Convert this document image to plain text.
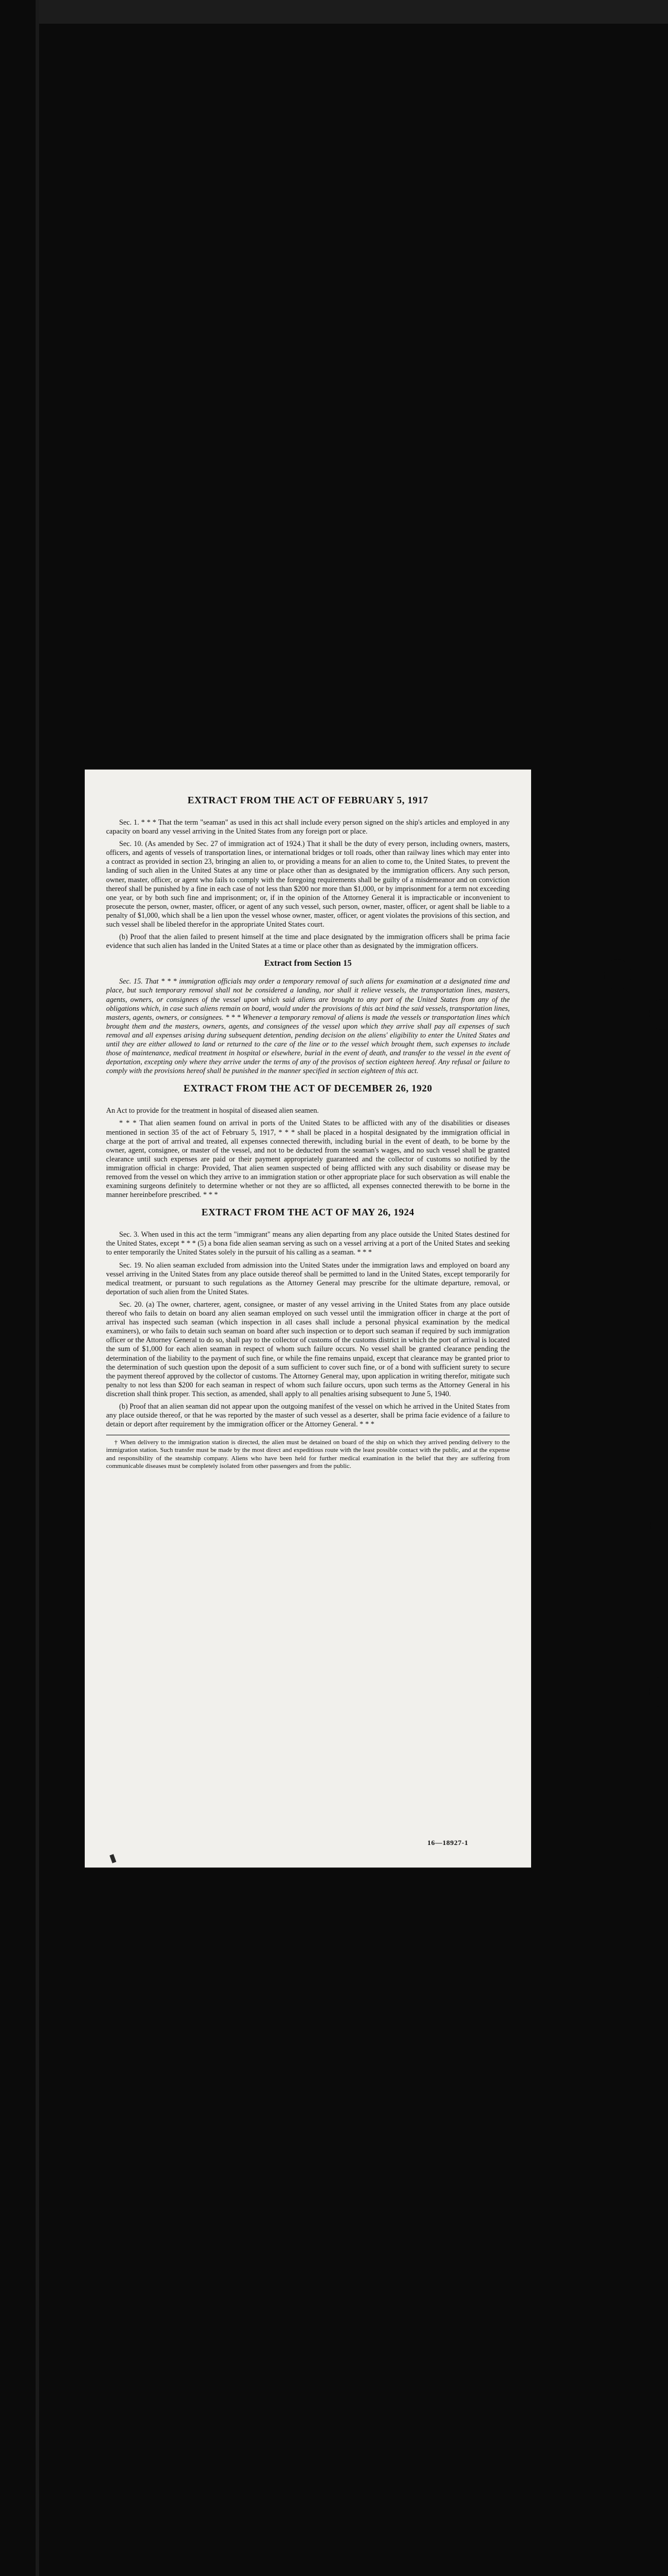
EXTRACT FROM THE ACT OF FEBRUARY 5, 1917

Sec. 1. * * * That the term "seaman" as used in this act shall include every person signed on the ship's articles and employed in any capacity on board any vessel arriving in the United States from any foreign port or place.

Sec. 10. (As amended by Sec. 27 of immigration act of 1924.) That it shall be the duty of every person, including owners, masters, officers, and agents of vessels of transportation lines, or international bridges or toll roads, other than railway lines which may enter into a contract as provided in section 23, bringing an alien to, or providing a means for an alien to come to, the United States, to prevent the landing of such alien in the United States at any time or place other than as designated by the immigration officers. Any such person, owner, master, officer, or agent who fails to comply with the foregoing requirements shall be guilty of a misdemeanor and on conviction thereof shall be punished by a fine in each case of not less than $200 nor more than $1,000, or by imprisonment for a term not exceeding one year, or by both such fine and imprisonment; or, if in the opinion of the Attorney General it is impracticable or inconvenient to prosecute the person, owner, master, officer, or agent of any such vessel, such person, owner, master, officer, or agent shall be liable to a penalty of $1,000, which shall be a lien upon the vessel whose owner, master, officer, or agent violates the provisions of this section, and such vessel shall be libeled therefor in the appropriate United States court.

(b) Proof that the alien failed to present himself at the time and place designated by the immigration officers shall be prima facie evidence that such alien has landed in the United States at a time or place other than as designated by the immigration officers.

Extract from Section 15

Sec. 15. That * * * immigration officials may order a temporary removal of such aliens for examination at a designated time and place, but such temporary removal shall not be considered a landing, nor shall it relieve vessels, the transportation lines, masters, agents, owners, or consignees of the vessel upon which said aliens are brought to any port of the United States from any of the obligations which, in case such aliens remain on board, would under the provisions of this act bind the said vessels, transportation lines, masters, agents, owners, or consignees. * * * Whenever a temporary removal of aliens is made the vessels or transportation lines which brought them and the masters, owners, agents, and consignees of the vessel upon which they arrive shall pay all expenses of such removal and all expenses arising during subsequent detention, pending decision on the aliens' eligibility to enter the United States and until they are either allowed to land or returned to the care of the line or to the vessel which brought them, such expenses to include those of maintenance, medical treatment in hospital or elsewhere, burial in the event of death, and transfer to the vessel in the event of deportation, excepting only where they arrive under the terms of any of the provisos of section eighteen hereof. Any refusal or failure to comply with the provisions hereof shall be punished in the manner specified in section eighteen of this act.

EXTRACT FROM THE ACT OF DECEMBER 26, 1920

An Act to provide for the treatment in hospital of diseased alien seamen.

* * * That alien seamen found on arrival in ports of the United States to be afflicted with any of the disabilities or diseases mentioned in section 35 of the act of February 5, 1917, * * * shall be placed in a hospital designated by the immigration official in charge at the port of arrival and treated, all expenses connected therewith, including burial in the event of death, to be borne by the owner, agent, consignee, or master of the vessel, and not to be deducted from the seaman's wages, and no such vessel shall be granted clearance until such expenses are paid or their payment appropriately guaranteed and the collector of customs so notified by the immigration official in charge: Provided, That alien seamen suspected of being afflicted with any such disability or disease may be removed from the vessel on which they arrive to an immigration station or other appropriate place for such observation as will enable the examining surgeons definitely to determine whether or not they are so afflicted, all expenses connected therewith to be borne in the manner hereinbefore prescribed. * * *

EXTRACT FROM THE ACT OF MAY 26, 1924

Sec. 3. When used in this act the term "immigrant" means any alien departing from any place outside the United States destined for the United States, except * * * (5) a bona fide alien seaman serving as such on a vessel arriving at a port of the United States and seeking to enter temporarily the United States solely in the pursuit of his calling as a seaman. * * *

Sec. 19. No alien seaman excluded from admission into the United States under the immigration laws and employed on board any vessel arriving in the United States from any place outside thereof shall be permitted to land in the United States, except temporarily for medical treatment, or pursuant to such regulations as the Attorney General may prescribe for the ultimate departure, removal, or deportation of such alien from the United States.

Sec. 20. (a) The owner, charterer, agent, consignee, or master of any vessel arriving in the United States from any place outside thereof who fails to detain on board any alien seaman employed on such vessel until the immigration officer in charge at the port of arrival has inspected such seaman (which inspection in all cases shall include a personal physical examination by the medical examiners), or who fails to detain such seaman on board after such inspection or to deport such seaman if required by such immigration officer or the Attorney General to do so, shall pay to the collector of customs of the customs district in which the port of arrival is located the sum of $1,000 for each alien seaman in respect of whom such failure occurs. No vessel shall be granted clearance pending the determination of the liability to the payment of such fine, or while the fine remains unpaid, except that clearance may be granted prior to the determination of such question upon the deposit of a sum sufficient to cover such fine, or of a bond with sufficient surety to secure the payment thereof approved by the collector of customs. The Attorney General may, upon application in writing therefor, mitigate such penalty to not less than $200 for each seaman in respect of whom such failure occurs, upon such terms as the Attorney General in his discretion shall think proper. This section, as amended, shall apply to all penalties arising subsequent to June 5, 1940.

(b) Proof that an alien seaman did not appear upon the outgoing manifest of the vessel on which he arrived in the United States from any place outside thereof, or that he was reported by the master of such vessel as a deserter, shall be prima facie evidence of a failure to detain or deport after requirement by the immigration officer or the Attorney General. * * *

† When delivery to the immigration station is directed, the alien must be detained on board of the ship on which they arrived pending delivery to the immigration station. Such transfer must be made by the most direct and expeditious route with the least possible contact with the public, and at the expense and responsibility of the steamship company. Aliens who have been held for further medical examination in the belief that they are suffering from communicable diseases must be completely isolated from other passengers and from the public.

16—18927-1
